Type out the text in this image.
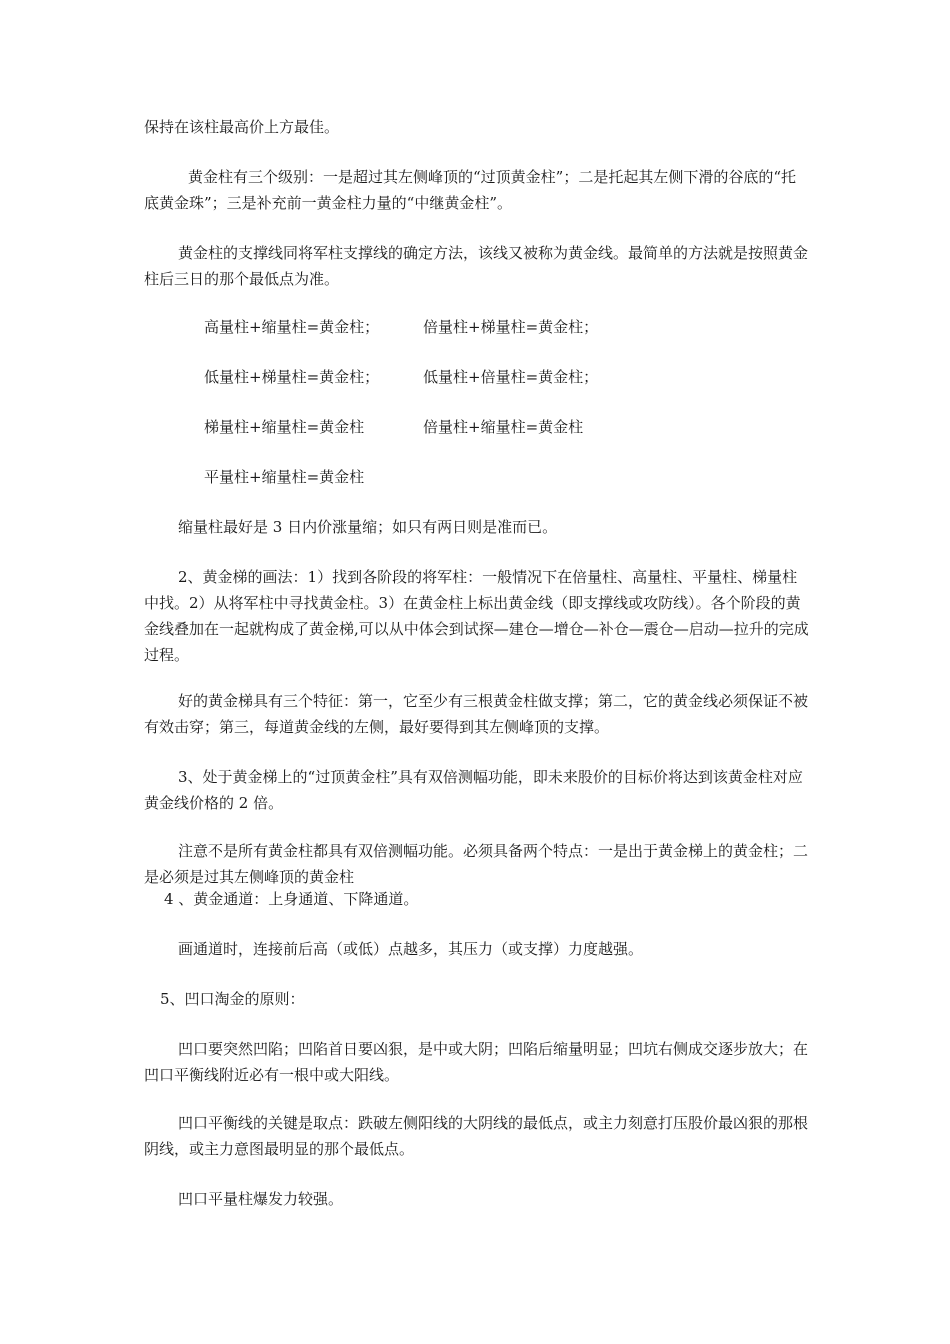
保持在该柱最高价上方最佳。

黄金柱有三个级别：一是超过其左侧峰顶的“过顶黄金柱”；二是托起其左侧下滑的谷底的“托底黄金珠”；三是补充前一黄金柱力量的“中继黄金柱”。

黄金柱的支撑线同将军柱支撑线的确定方法，该线又被称为黄金线。最简单的方法就是按照黄金柱后三日的那个最低点为准。

高量柱+缩量柱=黄金柱；	倍量柱+梯量柱=黄金柱；
低量柱+梯量柱=黄金柱；	低量柱+倍量柱=黄金柱；
梯量柱+缩量柱=黄金柱	倍量柱+缩量柱=黄金柱
平量柱+缩量柱=黄金柱

缩量柱最好是 3 日内价涨量缩；如只有两日则是准而已。

2、黄金梯的画法：1）找到各阶段的将军柱：一般情况下在倍量柱、高量柱、平量柱、梯量柱中找。2）从将军柱中寻找黄金柱。3）在黄金柱上标出黄金线（即支撑线或攻防线）。各个阶段的黄金线叠加在一起就构成了黄金梯,可以从中体会到试探—建仓—增仓—补仓—震仓—启动—拉升的完成过程。

好的黄金梯具有三个特征：第一，它至少有三根黄金柱做支撑；第二，它的黄金线必须保证不被有效击穿；第三，每道黄金线的左侧，最好要得到其左侧峰顶的支撑。

3、处于黄金梯上的“过顶黄金柱”具有双倍测幅功能，即未来股价的目标价将达到该黄金柱对应黄金线价格的 2 倍。

注意不是所有黄金柱都具有双倍测幅功能。必须具备两个特点：一是出于黄金梯上的黄金柱；二是必须是过其左侧峰顶的黄金柱

4 、黄金通道：上身通道、下降通道。

画通道时，连接前后高（或低）点越多，其压力（或支撑）力度越强。

5、凹口淘金的原则：

凹口要突然凹陷；凹陷首日要凶狠，是中或大阴；凹陷后缩量明显；凹坑右侧成交逐步放大；在凹口平衡线附近必有一根中或大阳线。

凹口平衡线的关键是取点：跌破左侧阳线的大阴线的最低点，或主力刻意打压股价最凶狠的那根阴线，或主力意图最明显的那个最低点。

凹口平量柱爆发力较强。
